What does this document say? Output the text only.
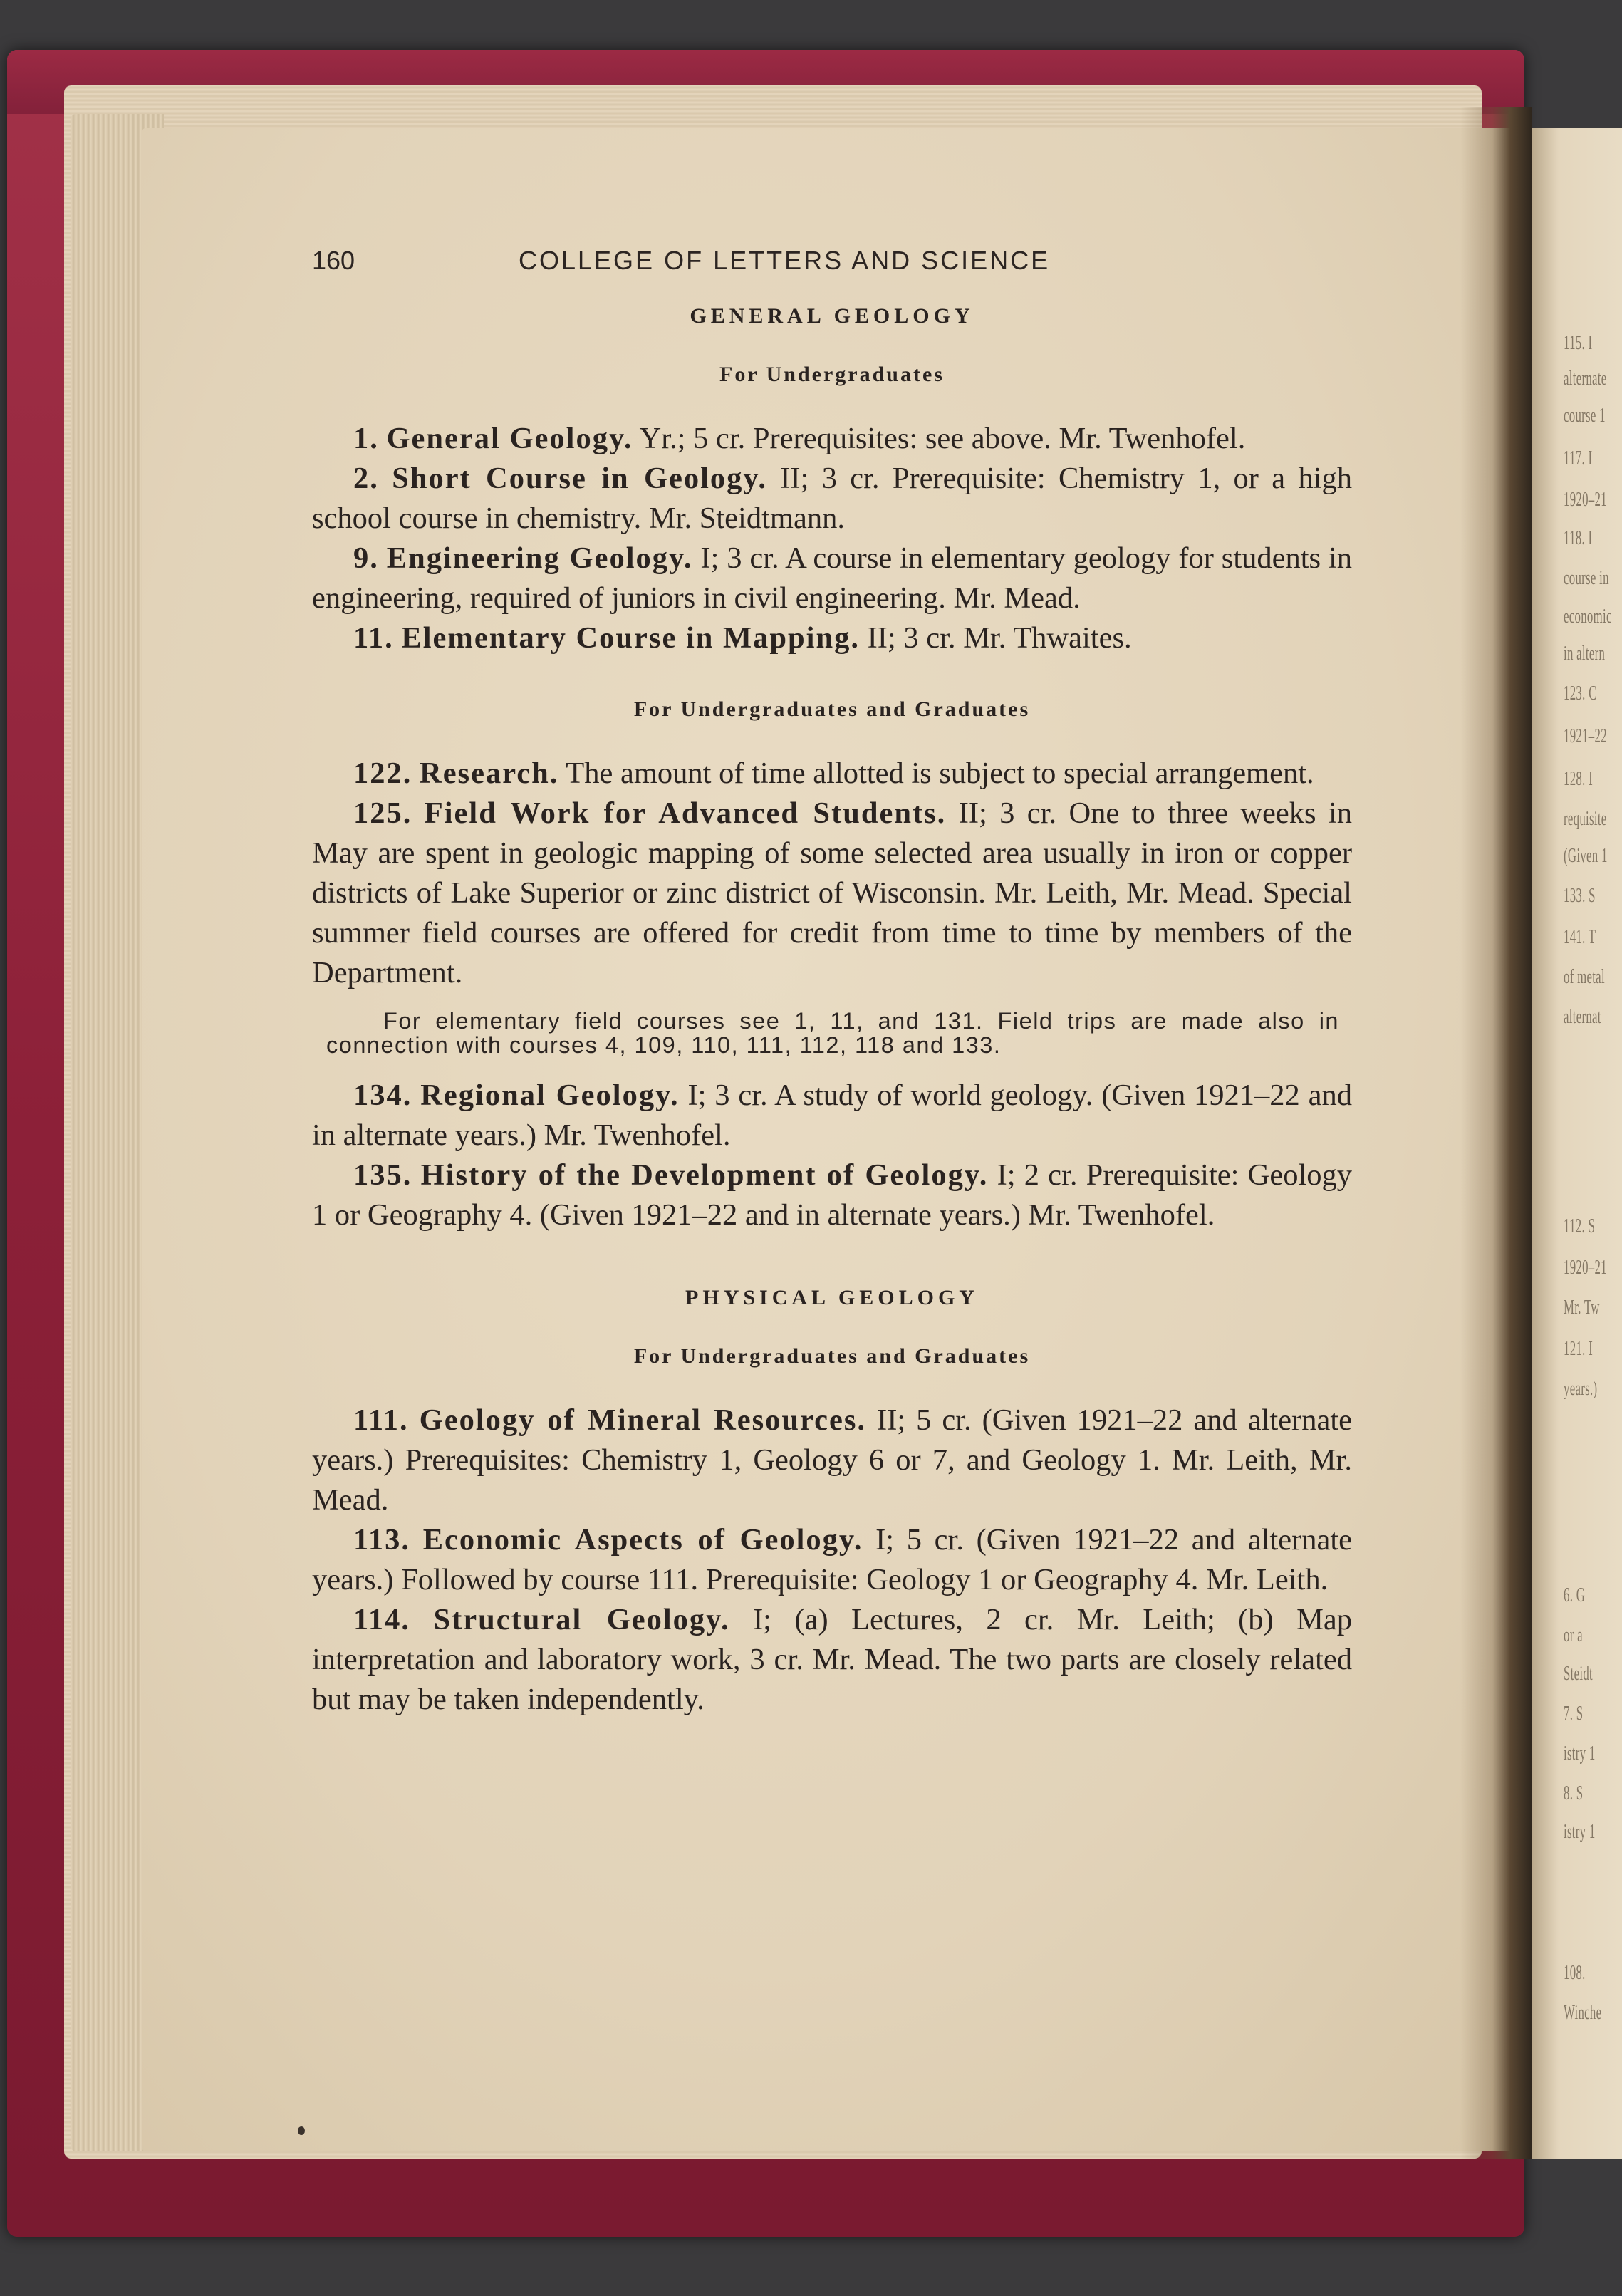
115. I
alternate
course 1
117. I
1920–21
118. I
course in
economic
in altern
123. C
1921–22
128. I
requisite
(Given 1
133. S
141. T
of metal
alternat
112. S
1920–21
Mr. Tw
121. I
years.)
6. G
or a
Steidt
7. S
istry 1
8. S
istry 1
108.
Winche
160	COLLEGE OF LETTERS AND SCIENCE

GENERAL GEOLOGY

For Undergraduates

1. General Geology. Yr.; 5 cr. Prerequisites: see above. Mr. Twenhofel.

2. Short Course in Geology. II; 3 cr. Prerequisite: Chemistry 1, or a high school course in chemistry. Mr. Steidtmann.

9. Engineering Geology. I; 3 cr. A course in elementary geology for students in engineering, required of juniors in civil engineering. Mr. Mead.

11. Elementary Course in Mapping. II; 3 cr. Mr. Thwaites.

For Undergraduates and Graduates

122. Research. The amount of time allotted is subject to special arrangement.

125. Field Work for Advanced Students. II; 3 cr. One to three weeks in May are spent in geologic mapping of some selected area usually in iron or copper districts of Lake Superior or zinc district of Wisconsin. Mr. Leith, Mr. Mead. Special summer field courses are offered for credit from time to time by members of the Department.

For elementary field courses see 1, 11, and 131. Field trips are made also in connection with courses 4, 109, 110, 111, 112, 118 and 133.

134. Regional Geology. I; 3 cr. A study of world geology. (Given 1921–22 and in alternate years.) Mr. Twenhofel.

135. History of the Development of Geology. I; 2 cr. Prerequisite: Geology 1 or Geography 4. (Given 1921–22 and in alternate years.) Mr. Twenhofel.

PHYSICAL GEOLOGY

For Undergraduates and Graduates

111. Geology of Mineral Resources. II; 5 cr. (Given 1921–22 and alternate years.) Prerequisites: Chemistry 1, Geology 6 or 7, and Geology 1. Mr. Leith, Mr. Mead.

113. Economic Aspects of Geology. I; 5 cr. (Given 1921–22 and alternate years.) Followed by course 111. Prerequisite: Geology 1 or Geography 4. Mr. Leith.

114. Structural Geology. I; (a) Lectures, 2 cr. Mr. Leith; (b) Map interpretation and laboratory work, 3 cr. Mr. Mead. The two parts are closely related but may be taken independently.
